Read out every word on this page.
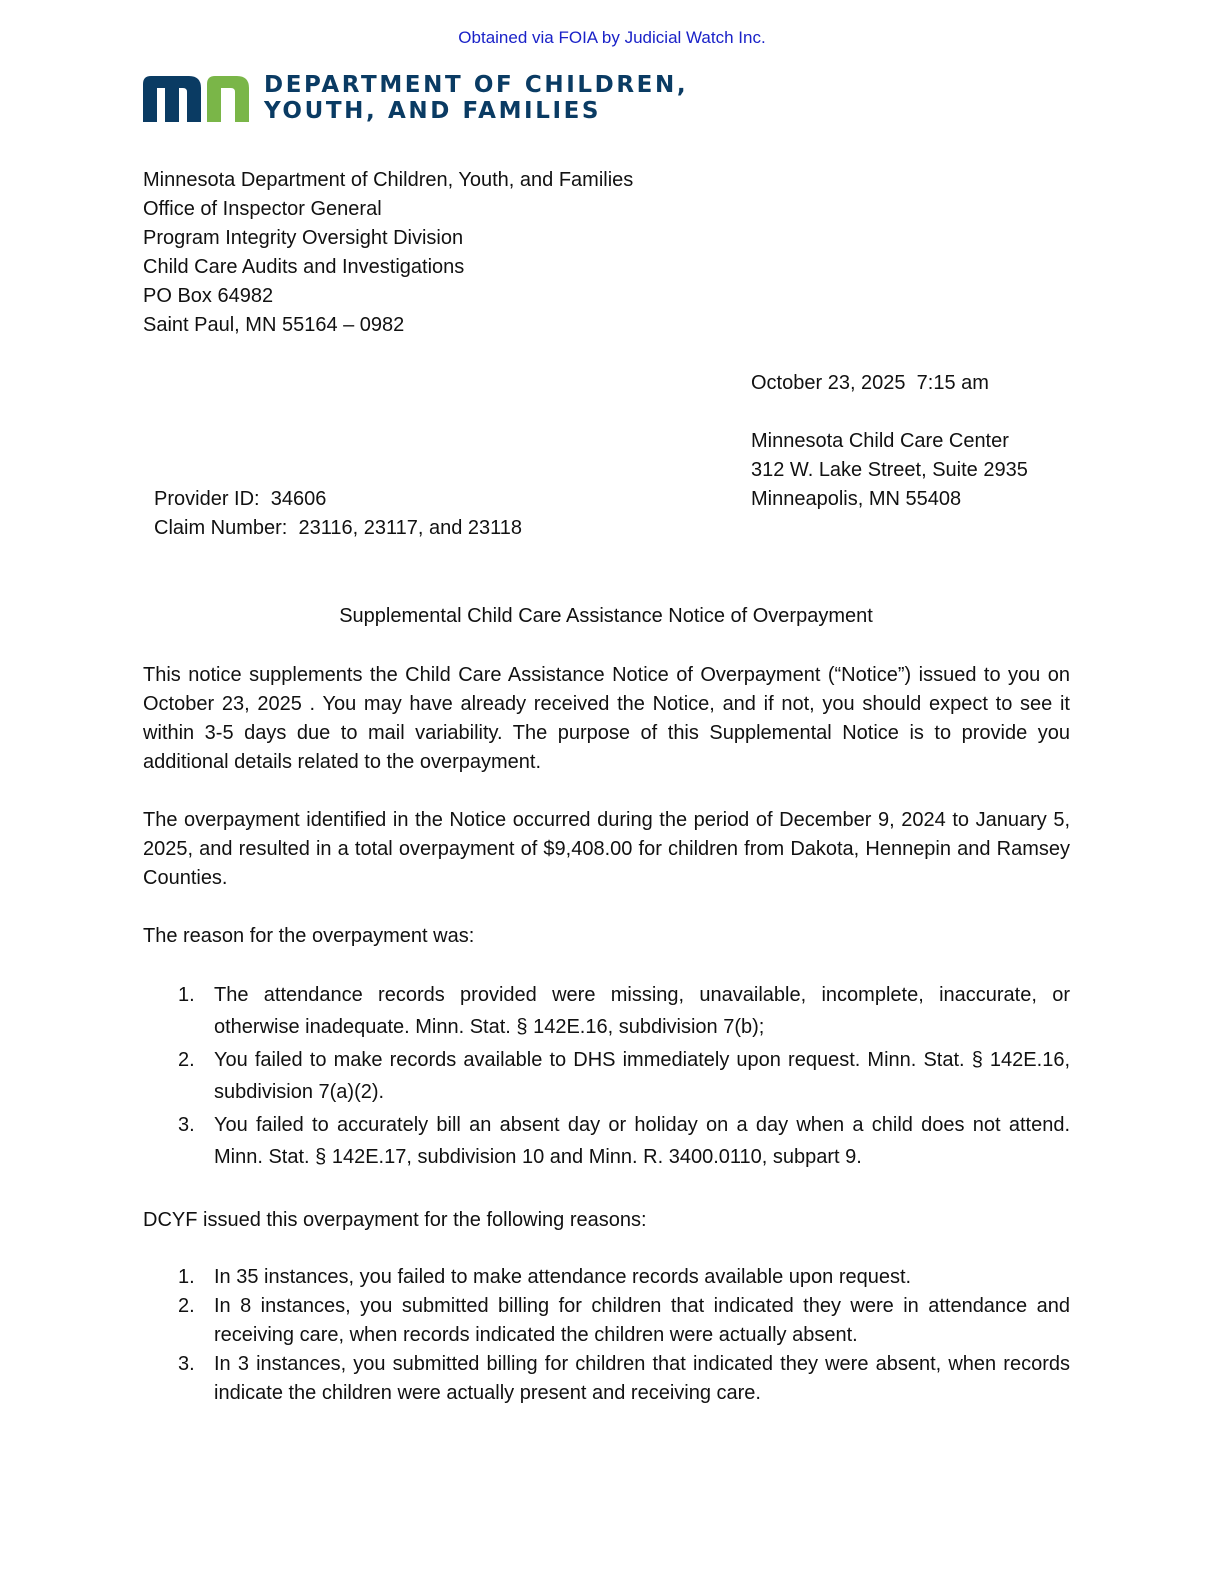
Obtained via FOIA by Judicial Watch Inc.
DEPARTMENT OF CHILDREN,
YOUTH, AND FAMILIES
Minnesota Department of Children, Youth, and Families
Office of Inspector General
Program Integrity Oversight Division
Child Care Audits and Investigations
PO Box 64982
Saint Paul, MN 55164 – 0982
October 23, 2025  7:15 am
Minnesota Child Care Center
312 W. Lake Street, Suite 2935
Minneapolis, MN 55408
Provider ID:  34606
Claim Number:  23116, 23117, and 23118
Supplemental Child Care Assistance Notice of Overpayment
This notice supplements the Child Care Assistance Notice of Overpayment (“Notice”) issued to you on October 23, 2025 . You may have already received the Notice, and if not, you should expect to see it within 3-5 days due to mail variability. The purpose of this Supplemental Notice is to provide you additional details related to the overpayment.
The overpayment identified in the Notice occurred during the period of December 9, 2024 to January 5, 2025, and resulted in a total overpayment of $9,408.00 for children from Dakota, Hennepin and Ramsey Counties.
The reason for the overpayment was:
1. The attendance records provided were missing, unavailable, incomplete, inaccurate, or otherwise inadequate. Minn. Stat. § 142E.16, subdivision 7(b);
2. You failed to make records available to DHS immediately upon request. Minn. Stat. § 142E.16, subdivision 7(a)(2).
3. You failed to accurately bill an absent day or holiday on a day when a child does not attend. Minn. Stat. § 142E.17, subdivision 10 and Minn. R. 3400.0110, subpart 9.
DCYF issued this overpayment for the following reasons:
1. In 35 instances, you failed to make attendance records available upon request.
2. In 8 instances, you submitted billing for children that indicated they were in attendance and receiving care, when records indicated the children were actually absent.
3. In 3 instances, you submitted billing for children that indicated they were absent, when records indicate the children were actually present and receiving care.
